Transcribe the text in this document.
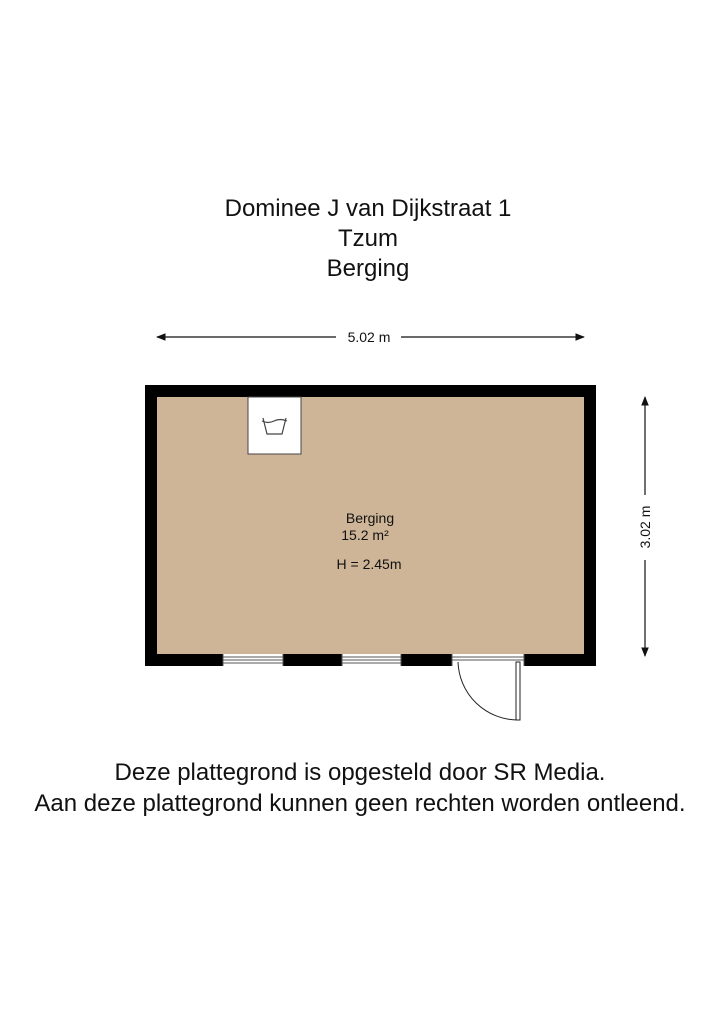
Dominee J van Dijkstraat 1
Tzum
Berging
5.02 m
3.02 m
Berging
15.2 m²
H = 2.45m
Deze plattegrond is opgesteld door SR Media.
Aan deze plattegrond kunnen geen rechten worden ontleend.
